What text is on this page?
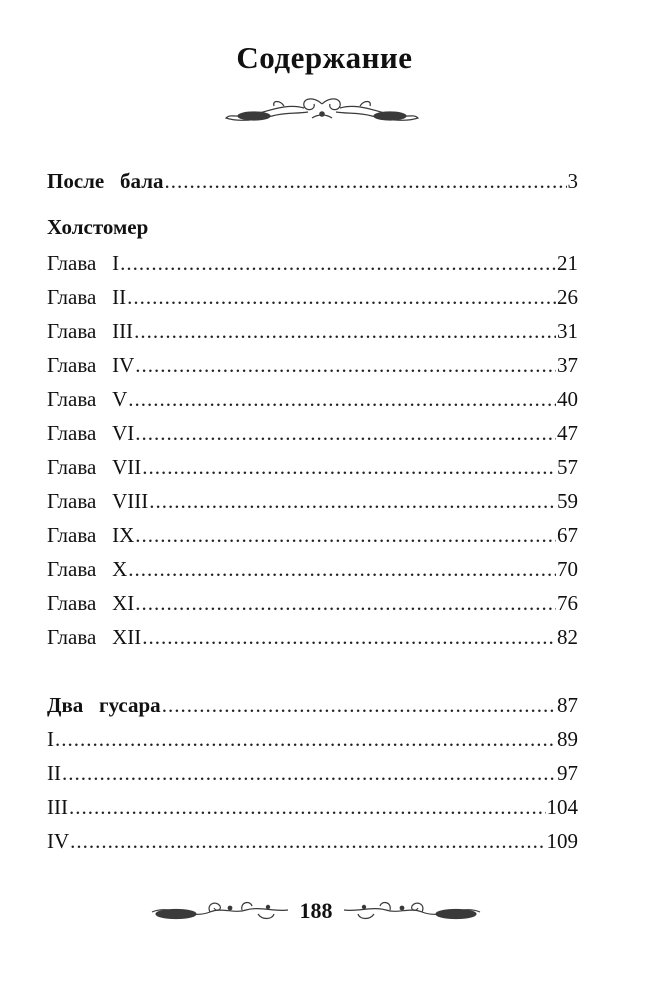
Содержание
После   бала .....	3
Холстомер
Глава   I .....	21
Глава   II .....	26
Глава   III .....	31
Глава   IV .....	37
Глава   V .....	40
Глава   VI .....	47
Глава   VII .....	57
Глава   VIII .....	59
Глава   IX .....	67
Глава   X .....	70
Глава   XI .....	76
Глава   XII .....	82
Два   гусара .....	87
I .....	89
II .....	97
III .....	104
IV .....	109
188
